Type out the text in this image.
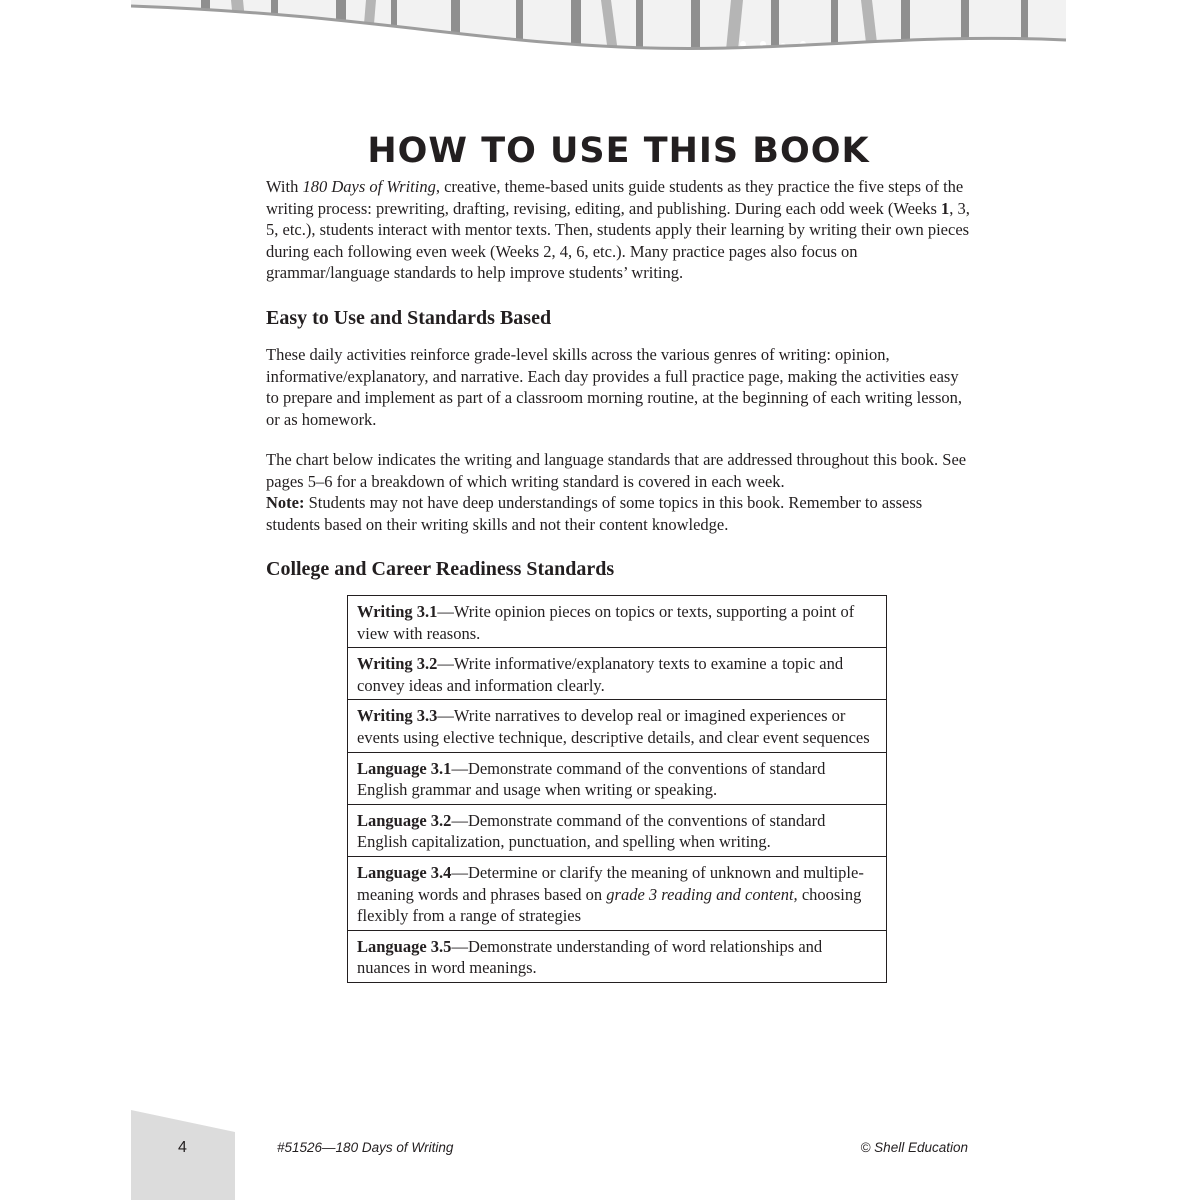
HOW TO USE THIS BOOK

With 180 Days of Writing, creative, theme-based units guide students as they practice the five steps of the writing process: prewriting, drafting, revising, editing, and publishing. During each odd week (Weeks 1, 3, 5, etc.), students interact with mentor texts. Then, students apply their learning by writing their own pieces during each following even week (Weeks 2, 4, 6, etc.). Many practice pages also focus on grammar/language standards to help improve students’ writing.

Easy to Use and Standards Based

These daily activities reinforce grade-level skills across the various genres of writing: opinion, informative/explanatory, and narrative. Each day provides a full practice page, making the activities easy to prepare and implement as part of a classroom morning routine, at the beginning of each writing lesson, or as homework.

The chart below indicates the writing and language standards that are addressed throughout this book. See pages 5–6 for a breakdown of which writing standard is covered in each week.
Note: Students may not have deep understandings of some topics in this book. Remember to assess students based on their writing skills and not their content knowledge.

College and Career Readiness Standards
Writing 3.1—Write opinion pieces on topics or texts, supporting a point of view with reasons.
Writing 3.2—Write informative/explanatory texts to examine a topic and convey ideas and information clearly.
Writing 3.3—Write narratives to develop real or imagined experiences or events using elective technique, descriptive details, and clear event sequences
Language 3.1—Demonstrate command of the conventions of standard English grammar and usage when writing or speaking.
Language 3.2—Demonstrate command of the conventions of standard English capitalization, punctuation, and spelling when writing.
Language 3.4—Determine or clarify the meaning of unknown and multiple-meaning words and phrases based on grade 3 reading and content, choosing flexibly from a range of strategies
Language 3.5—Demonstrate understanding of word relationships and nuances in word meanings.
4	#51526—180 Days of Writing	© Shell Education
